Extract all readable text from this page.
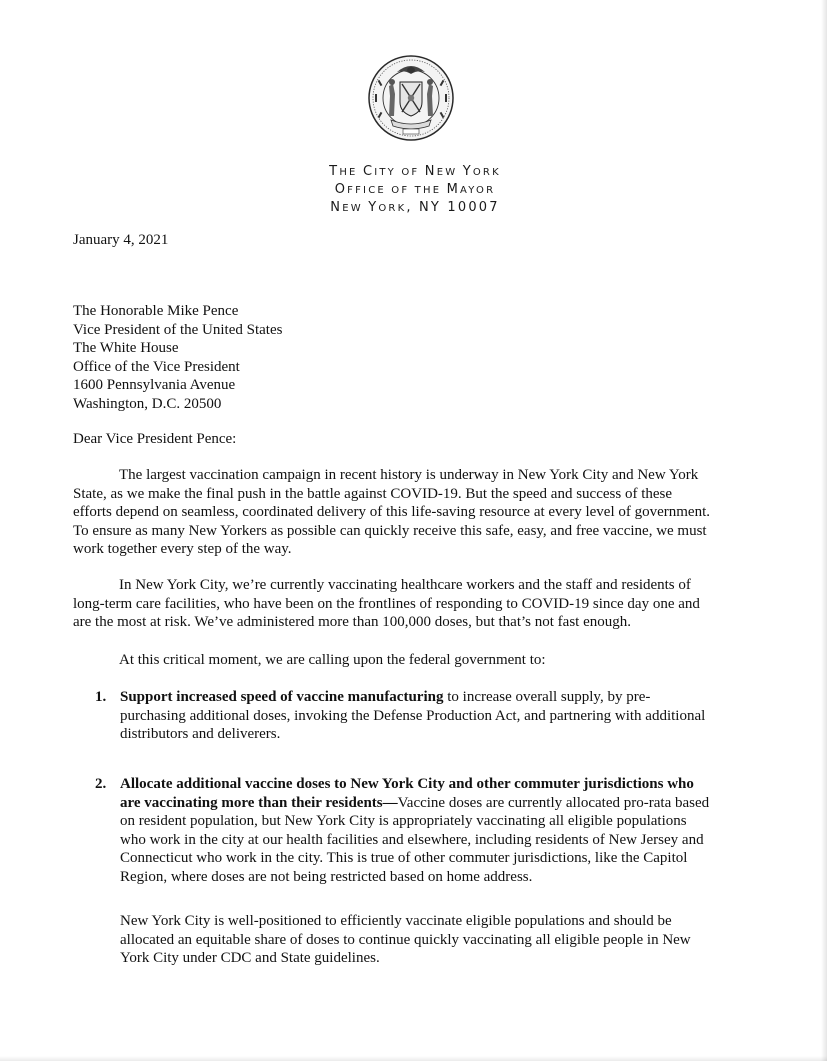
THE CITY OF NEW YORK
OFFICE OF THE MAYOR
NEW YORK, NY 10007
January 4, 2021
The Honorable Mike Pence
Vice President of the United States
The White House
Office of the Vice President
1600 Pennsylvania Avenue
Washington, D.C. 20500
Dear Vice President Pence:
The largest vaccination campaign in recent history is underway in New York City and New York
State, as we make the final push in the battle against COVID-19. But the speed and success of these
efforts depend on seamless, coordinated delivery of this life-saving resource at every level of government.
To ensure as many New Yorkers as possible can quickly receive this safe, easy, and free vaccine, we must
work together every step of the way.
In New York City, we’re currently vaccinating healthcare workers and the staff and residents of
long-term care facilities, who have been on the frontlines of responding to COVID-19 since day one and
are the most at risk. We’ve administered more than 100,000 doses, but that’s not fast enough.
At this critical moment, we are calling upon the federal government to:
1. Support increased speed of vaccine manufacturing to increase overall supply, by pre-
purchasing additional doses, invoking the Defense Production Act, and partnering with additional
distributors and deliverers.
2. Allocate additional vaccine doses to New York City and other commuter jurisdictions who
are vaccinating more than their residents—Vaccine doses are currently allocated pro-rata based
on resident population, but New York City is appropriately vaccinating all eligible populations
who work in the city at our health facilities and elsewhere, including residents of New Jersey and
Connecticut who work in the city. This is true of other commuter jurisdictions, like the Capitol
Region, where doses are not being restricted based on home address.
New York City is well-positioned to efficiently vaccinate eligible populations and should be
allocated an equitable share of doses to continue quickly vaccinating all eligible people in New
York City under CDC and State guidelines.
